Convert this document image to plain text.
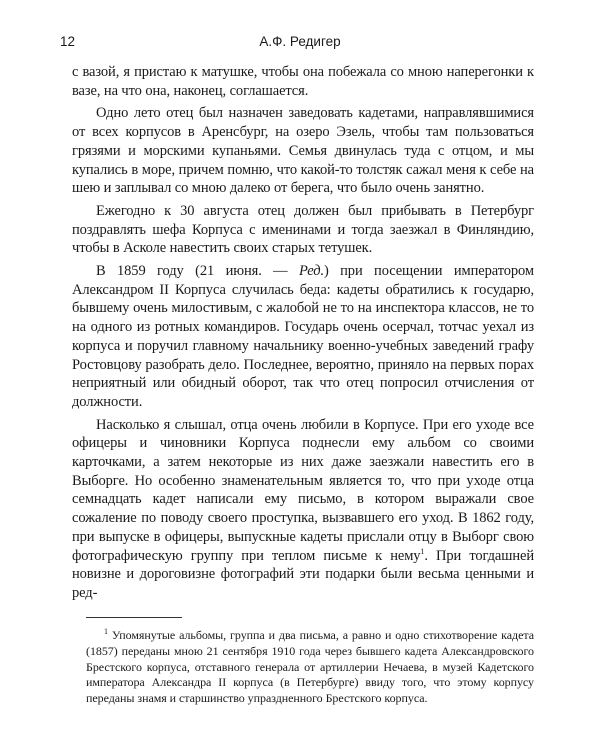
12	А.Ф. Редигер

с вазой, я пристаю к матушке, чтобы она побежала со мною наперегонки к вазе, на что она, наконец, соглашается.

Одно лето отец был назначен заведовать кадетами, направлявшимися от всех корпусов в Аренсбург, на озеро Эзель, чтобы там пользоваться грязями и морскими купаньями. Семья двинулась туда с отцом, и мы купались в море, причем помню, что какой-то толстяк сажал меня к себе на шею и заплывал со мною далеко от берега, что было очень занятно.

Ежегодно к 30 августа отец должен был прибывать в Петербург поздравлять шефа Корпуса с именинами и тогда заезжал в Финляндию, чтобы в Асколе навестить своих старых тетушек.

В 1859 году (21 июня. — Ред.) при посещении императором Александром II Корпуса случилась беда: кадеты обратились к государю, бывшему очень милостивым, с жалобой не то на инспектора классов, не то на одного из ротных командиров. Государь очень осерчал, тотчас уехал из корпуса и поручил главному начальнику военно-учебных заведений графу Ростовцову разобрать дело. Последнее, вероятно, приняло на первых порах неприятный или обидный оборот, так что отец попросил отчисления от должности.

Насколько я слышал, отца очень любили в Корпусе. При его уходе все офицеры и чиновники Корпуса поднесли ему альбом со своими карточками, а затем некоторые из них даже заезжали навестить его в Выборге. Но особенно знаменательным является то, что при уходе отца семнадцать кадет написали ему письмо, в котором выражали свое сожаление по поводу своего проступка, вызвавшего его уход. В 1862 году, при выпуске в офицеры, выпускные кадеты прислали отцу в Выборг свою фотографическую группу при теплом письме к нему$^1$. При тогдашней новизне и дороговизне фотографий эти подарки были весьма ценными и ред-

$^1$ Упомянутые альбомы, группа и два письма, а равно и одно стихотворение кадета (1857) переданы мною 21 сентября 1910 года через бывшего кадета Александровского Брестского корпуса, отставного генерала от артиллерии Нечаева, в музей Кадетского императора Александра II корпуса (в Петербурге) ввиду того, что этому корпусу переданы знамя и старшинство упраздненного Брестского корпуса.
